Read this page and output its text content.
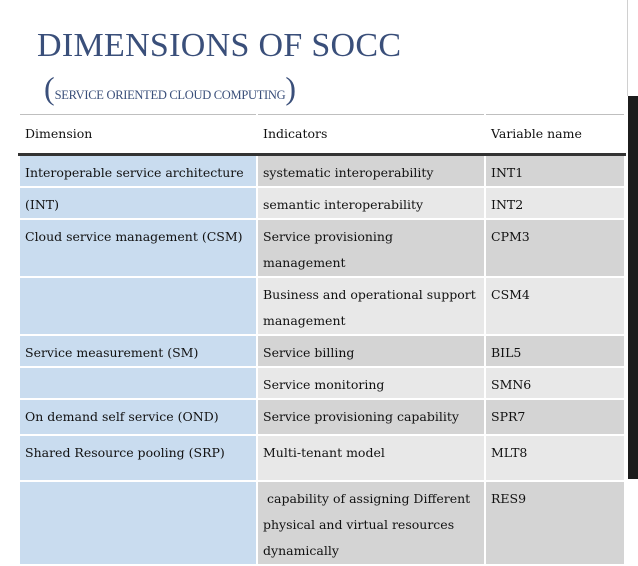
DIMENSIONS OF SOCC
(SERVICE ORIENTED CLOUD COMPUTING)
Dimension	Indicators	Variable name
Interoperable service architecture	systematic interoperability	INT1
(INT)	semantic interoperability	INT2
Cloud service management (CSM)	Service provisioning management	CPM3
	Business and operational support management	CSM4
Service measurement (SM)	Service billing	BIL5
	Service monitoring	SMN6
On demand self service (OND)	Service provisioning capability	SPR7
Shared Resource pooling (SRP)	Multi-tenant model	MLT8
	capability of assigning Different physical and virtual resources dynamically	RES9
